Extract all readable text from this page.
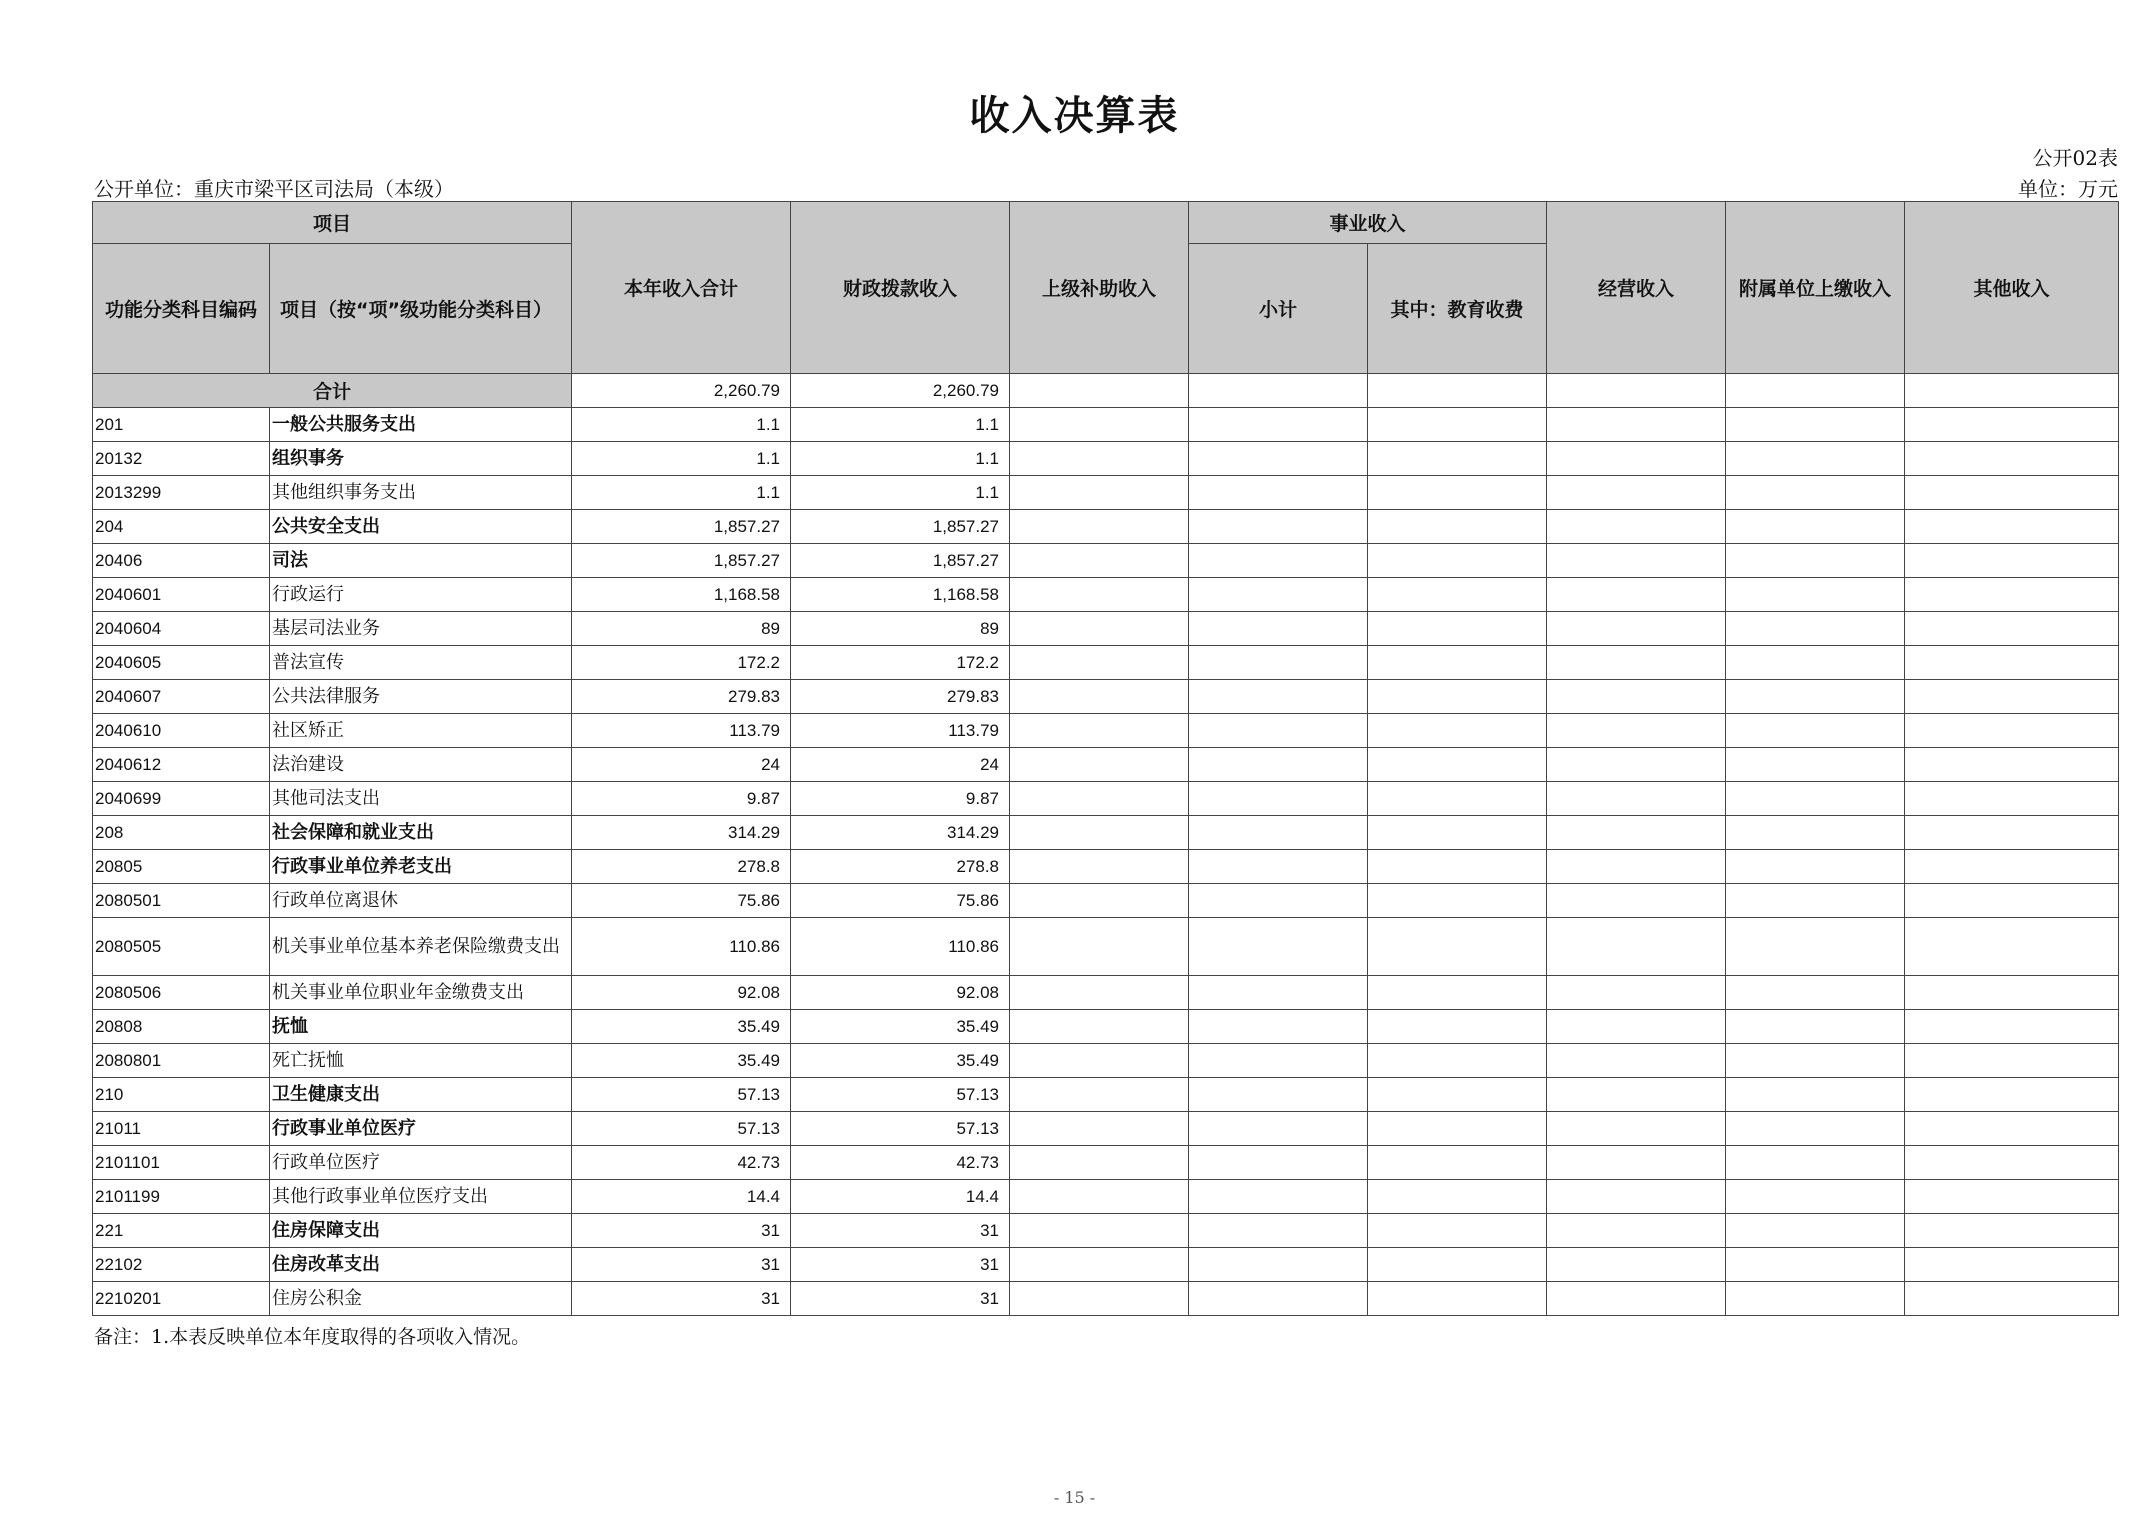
收入决算表
公开02表
公开单位：重庆市梁平区司法局（本级）	单位：万元
项目		本年收入合计	财政拨款收入	上级补助收入	事业收入		经营收入	附属单位上缴收入	其他收入
功能分类科目编码	项目（按“项”级功能分类科目）				小计	其中：教育收费			
合计		2,260.79	2,260.79						
201	一般公共服务支出	1.1	1.1						
20132	组织事务	1.1	1.1						
2013299	其他组织事务支出	1.1	1.1						
204	公共安全支出	1,857.27	1,857.27						
20406	司法	1,857.27	1,857.27						
2040601	行政运行	1,168.58	1,168.58						
2040604	基层司法业务	89	89						
2040605	普法宣传	172.2	172.2						
2040607	公共法律服务	279.83	279.83						
2040610	社区矫正	113.79	113.79						
2040612	法治建设	24	24						
2040699	其他司法支出	9.87	9.87						
208	社会保障和就业支出	314.29	314.29						
20805	行政事业单位养老支出	278.8	278.8						
2080501	行政单位离退休	75.86	75.86						
2080505	机关事业单位基本养老保险缴费支出	110.86	110.86						
2080506	机关事业单位职业年金缴费支出	92.08	92.08						
20808	抚恤	35.49	35.49						
2080801	死亡抚恤	35.49	35.49						
210	卫生健康支出	57.13	57.13						
21011	行政事业单位医疗	57.13	57.13						
2101101	行政单位医疗	42.73	42.73						
2101199	其他行政事业单位医疗支出	14.4	14.4						
221	住房保障支出	31	31						
22102	住房改革支出	31	31						
2210201	住房公积金	31	31						
备注：1.本表反映单位本年度取得的各项收入情况。
- 15 -
